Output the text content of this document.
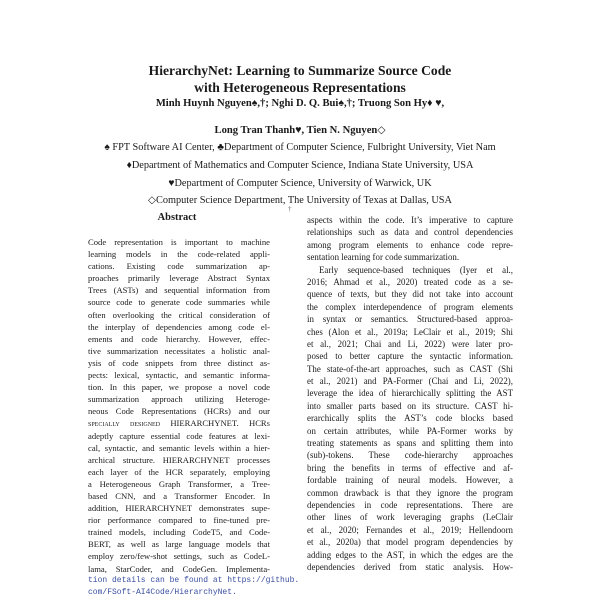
HierarchyNet: Learning to Summarize Source Code
with Heterogeneous Representations
Minh Huynh Nguyen♠,†; Nghi D. Q. Bui♠,†; Truong Son Hy♦ ♥,
Long Tran Thanh♥, Tien N. Nguyen◇
♠ FPT Software AI Center, ♣Department of Computer Science, Fulbright University, Viet Nam
♦Department of Mathematics and Computer Science, Indiana State University, USA
♥Department of Computer Science, University of Warwick, UK
◇Computer Science Department, The University of Texas at Dallas, USA
†
Abstract
Code representation is important to machine
learning models in the code-related appli-
cations. Existing code summarization ap-
proaches primarily leverage Abstract Syntax
Trees (ASTs) and sequential information from
source code to generate code summaries while
often overlooking the critical consideration of
the interplay of dependencies among code el-
ements and code hierarchy. However, effec-
tive summarization necessitates a holistic anal-
ysis of code snippets from three distinct as-
pects: lexical, syntactic, and semantic informa-
tion. In this paper, we propose a novel code
summarization approach utilizing Heteroge-
neous Code Representations (HCRs) and our
specially designed HIERARCHYNET. HCRs
adeptly capture essential code features at lexi-
cal, syntactic, and semantic levels within a hier-
archical structure. HIERARCHYNET processes
each layer of the HCR separately, employing
a Heterogeneous Graph Transformer, a Tree-
based CNN, and a Transformer Encoder. In
addition, HIERARCHYNET demonstrates supe-
rior performance compared to fine-tuned pre-
trained models, including CodeT5, and Code-
BERT, as well as large language models that
employ zero/few-shot settings, such as CodeL-
lama, StarCoder, and CodeGen. Implementa-
tion details can be found at https://github.
com/FSoft-AI4Code/HierarchyNet.
aspects within the code. It’s imperative to capture
relationships such as data and control dependencies
among program elements to enhance code repre-
sentation learning for code summarization.
Early sequence-based techniques (Iyer et al.,
2016; Ahmad et al., 2020) treated code as a se-
quence of texts, but they did not take into account
the complex interdependence of program elements
in syntax or semantics. Structured-based approa-
ches (Alon et al., 2019a; LeClair et al., 2019; Shi
et al., 2021; Chai and Li, 2022) were later pro-
posed to better capture the syntactic information.
The state-of-the-art approaches, such as CAST (Shi
et al., 2021) and PA-Former (Chai and Li, 2022),
leverage the idea of hierarchically splitting the AST
into smaller parts based on its structure. CAST hi-
erarchically splits the AST’s code blocks based
on certain attributes, while PA-Former works by
treating statements as spans and splitting them into
(sub)-tokens. These code-hierarchy approaches
bring the benefits in terms of effective and af-
fordable training of neural models. However, a
common drawback is that they ignore the program
dependencies in code representations. There are
other lines of work leveraging graphs (LeClair
et al., 2020; Fernandes et al., 2019; Hellendoorn
et al., 2020a) that model program dependencies by
adding edges to the AST, in which the edges are the
dependencies derived from static analysis. How-
